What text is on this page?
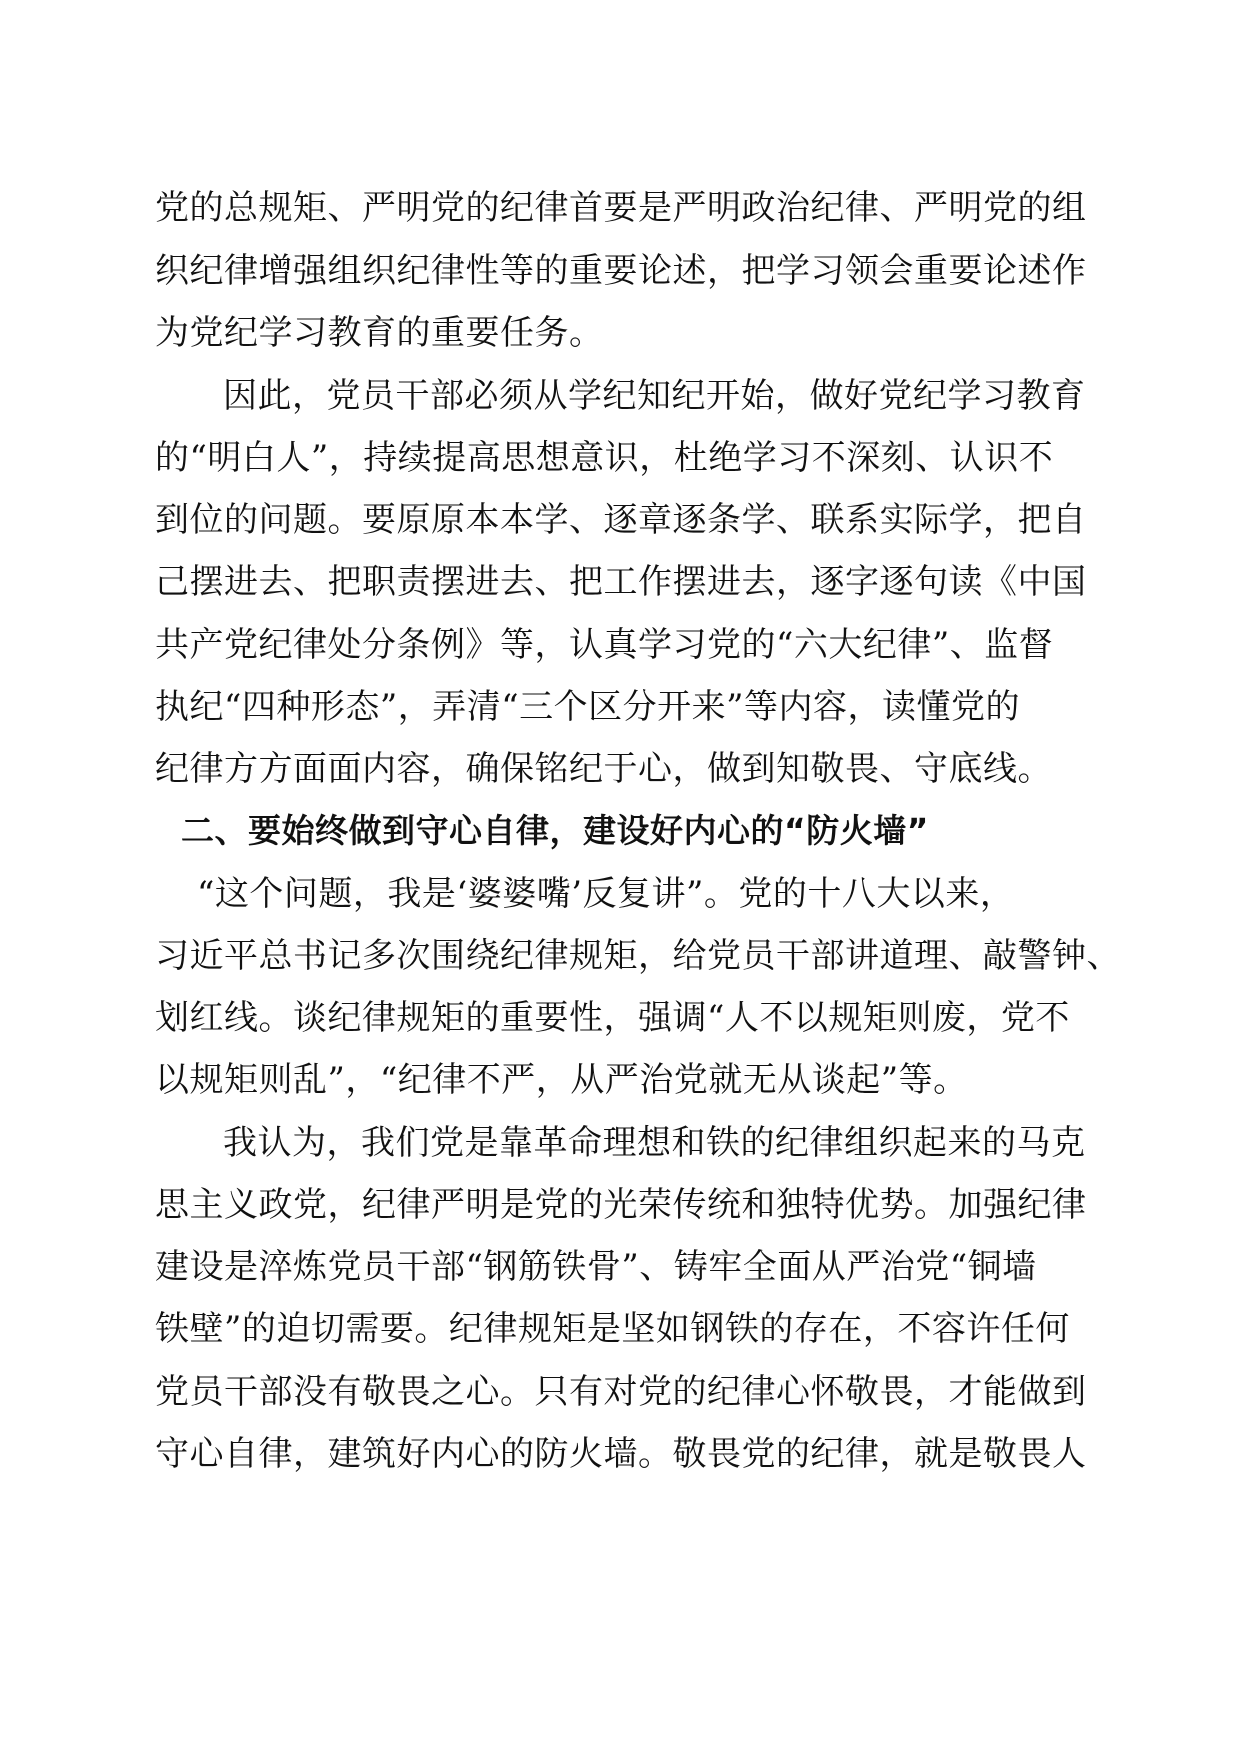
党的总规矩、严明党的纪律首要是严明政治纪律、严明党的组
织纪律增强组织纪律性等的重要论述，把学习领会重要论述作
为党纪学习教育的重要任务。
因此，党员干部必须从学纪知纪开始，做好党纪学习教育
的“明白人”，持续提高思想意识，杜绝学习不深刻、认识不
到位的问题。要原原本本学、逐章逐条学、联系实际学，把自
己摆进去、把职责摆进去、把工作摆进去，逐字逐句读《中国
共产党纪律处分条例》等，认真学习党的“六大纪律”、监督
执纪“四种形态”，弄清“三个区分开来”等内容，读懂党的
纪律方方面面内容，确保铭纪于心，做到知敬畏、守底线。
二、要始终做到守心自律，建设好内心的“防火墙”
“这个问题，我是‘婆婆嘴’反复讲”。党的十八大以来，
习近平总书记多次围绕纪律规矩，给党员干部讲道理、敲警钟、
划红线。谈纪律规矩的重要性，强调“人不以规矩则废，党不
以规矩则乱”，“纪律不严，从严治党就无从谈起”等。
我认为，我们党是靠革命理想和铁的纪律组织起来的马克
思主义政党，纪律严明是党的光荣传统和独特优势。加强纪律
建设是淬炼党员干部“钢筋铁骨”、铸牢全面从严治党“铜墙
铁壁”的迫切需要。纪律规矩是坚如钢铁的存在，不容许任何
党员干部没有敬畏之心。只有对党的纪律心怀敬畏，才能做到
守心自律，建筑好内心的防火墙。敬畏党的纪律，就是敬畏人
